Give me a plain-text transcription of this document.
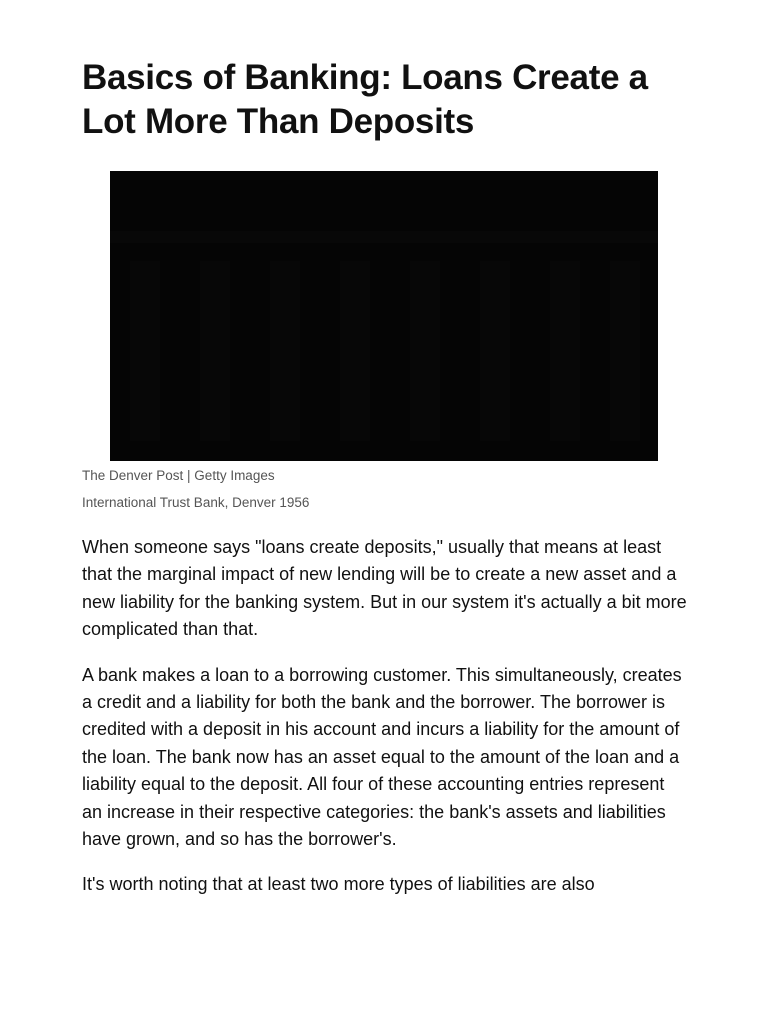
Basics of Banking: Loans Create a Lot More Than Deposits

The Denver Post | Getty Images

International Trust Bank, Denver 1956

When someone says "loans create deposits," usually that means at least that the marginal impact of new lending will be to create a new asset and a new liability for the banking system. But in our system it's actually a bit more complicated than that.

A bank makes a loan to a borrowing customer. This simultaneously, creates a credit and a liability for both the bank and the borrower. The borrower is credited with a deposit in his account and incurs a liability for the amount of the loan. The bank now has an asset equal to the amount of the loan and a liability equal to the deposit. All four of these accounting entries represent an increase in their respective categories: the bank's assets and liabilities have grown, and so has the borrower's.

It's worth noting that at least two more types of liabilities are also
